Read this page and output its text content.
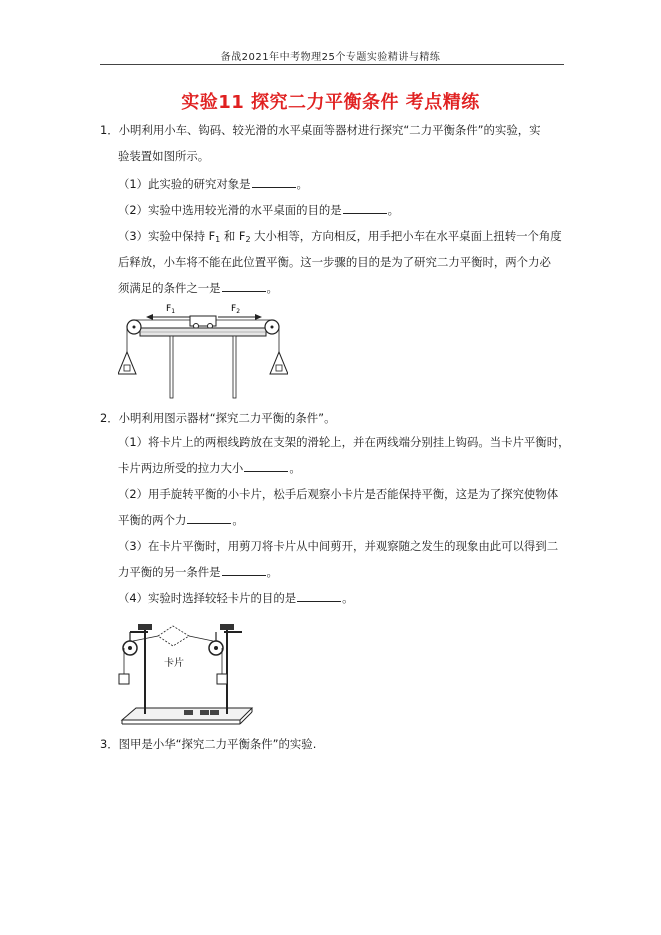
备战2021年中考物理25个专题实验精讲与精练
实验11 探究二力平衡条件 考点精练
1．小明利用小车、钩码、较光滑的水平桌面等器材进行探究“二力平衡条件”的实验，实
验装置如图所示。
（1）此实验的研究对象是	。
（2）实验中选用较光滑的水平桌面的目的是	。
（3）实验中保持 $F_1$ 和 $F_2$ 大小相等，方向相反，用手把小车在水平桌面上扭转一个角度
后释放，小车将不能在此位置平衡。这一步骤的目的是为了研究二力平衡时，两个力必
须满足的条件之一是	。
$F_1$	$F_2$
2．小明利用图示器材“探究二力平衡的条件”。
（1）将卡片上的两根线跨放在支架的滑轮上，并在两线端分别挂上钩码。当卡片平衡时，
卡片两边所受的拉力大小	。
（2）用手旋转平衡的小卡片，松手后观察小卡片是否能保持平衡，这是为了探究使物体
平衡的两个力	。
（3）在卡片平衡时，用剪刀将卡片从中间剪开，并观察随之发生的现象由此可以得到二
力平衡的另一条件是	。
（4）实验时选择较轻卡片的目的是	。
卡片
3．图甲是小华“探究二力平衡条件”的实验.
